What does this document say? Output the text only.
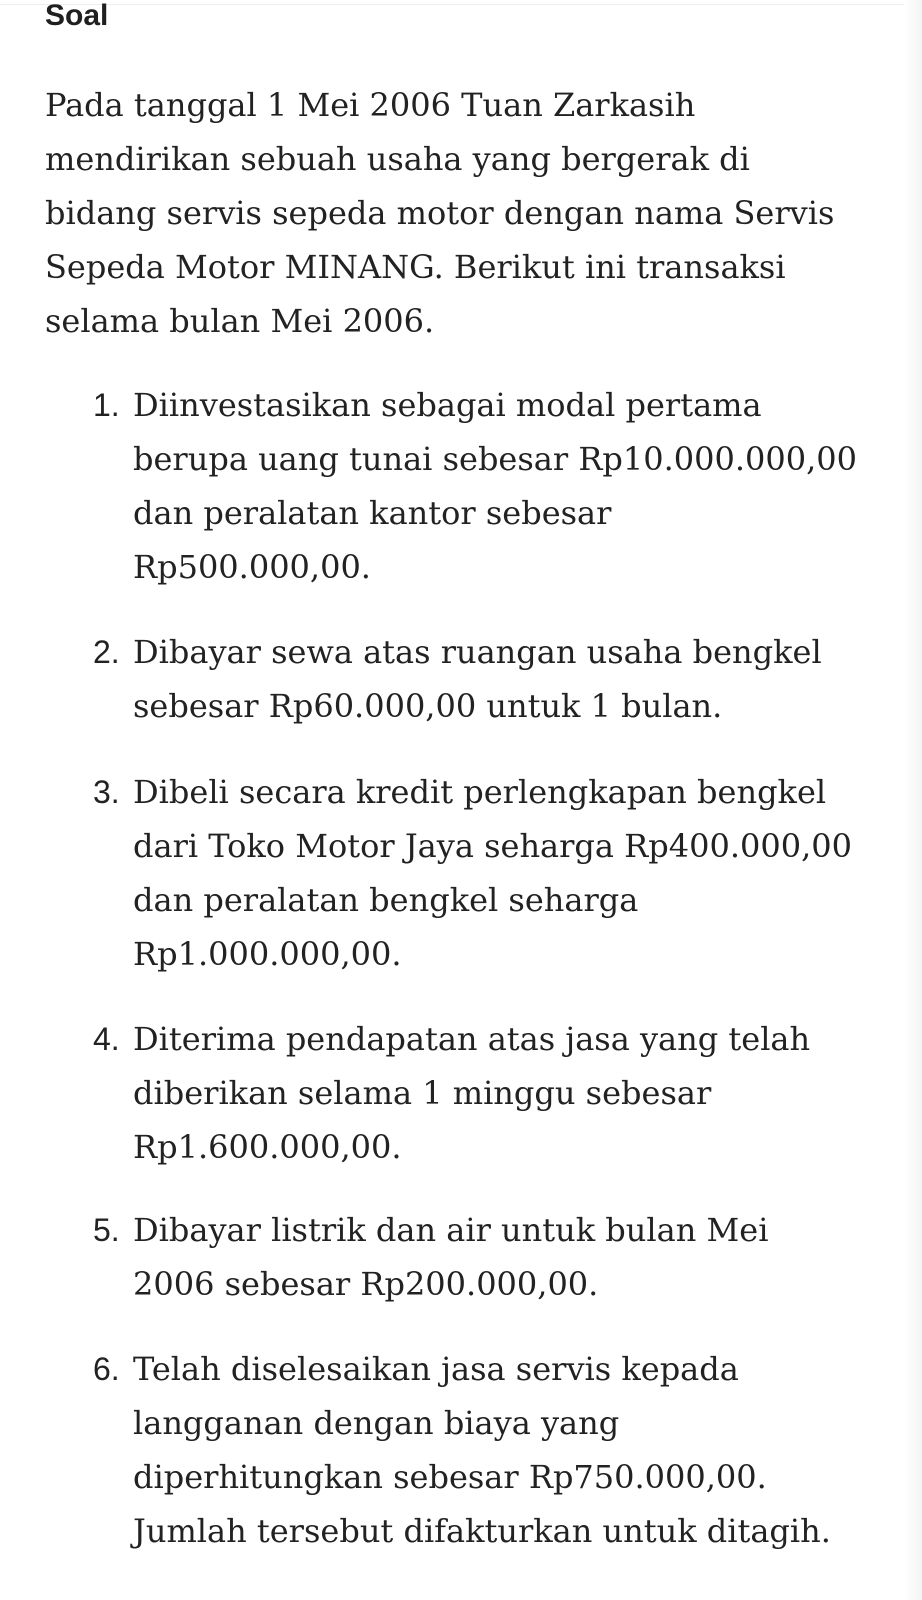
Soal

Pada tanggal 1 Mei 2006 Tuan Zarkasih
mendirikan sebuah usaha yang bergerak di
bidang servis sepeda motor dengan nama Servis
Sepeda Motor MINANG. Berikut ini transaksi
selama bulan Mei 2006.

1. Diinvestasikan sebagai modal pertama
berupa uang tunai sebesar Rp10.000.000,00
dan peralatan kantor sebesar
Rp500.000,00.

2. Dibayar sewa atas ruangan usaha bengkel
sebesar Rp60.000,00 untuk 1 bulan.

3. Dibeli secara kredit perlengkapan bengkel
dari Toko Motor Jaya seharga Rp400.000,00
dan peralatan bengkel seharga
Rp1.000.000,00.

4. Diterima pendapatan atas jasa yang telah
diberikan selama 1 minggu sebesar
Rp1.600.000,00.

5. Dibayar listrik dan air untuk bulan Mei
2006 sebesar Rp200.000,00.

6. Telah diselesaikan jasa servis kepada
langganan dengan biaya yang
diperhitungkan sebesar Rp750.000,00.
Jumlah tersebut difakturkan untuk ditagih.
